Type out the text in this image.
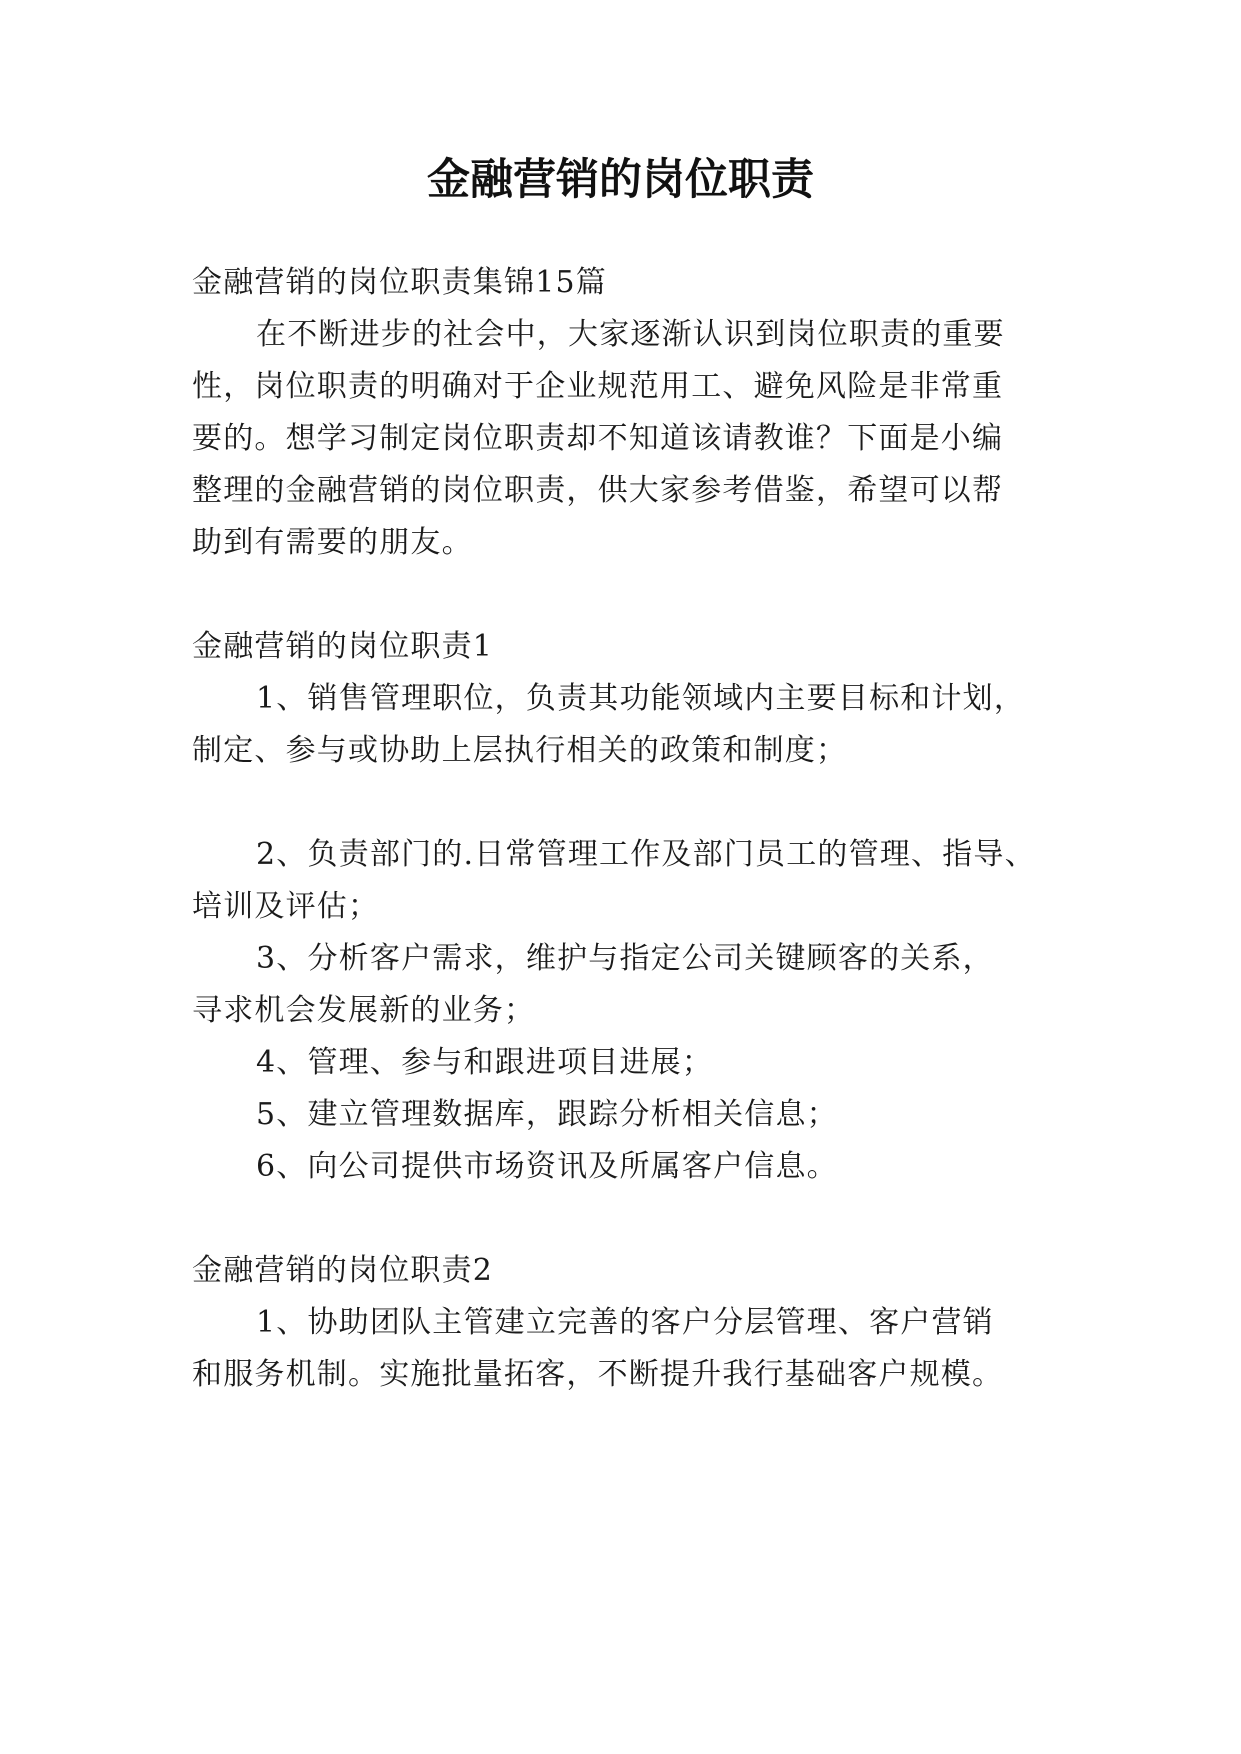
金融营销的岗位职责
金融营销的岗位职责集锦15篇
在不断进步的社会中，大家逐渐认识到岗位职责的重要
性，岗位职责的明确对于企业规范用工、避免风险是非常重
要的。想学习制定岗位职责却不知道该请教谁？下面是小编
整理的金融营销的岗位职责，供大家参考借鉴，希望可以帮
助到有需要的朋友。
金融营销的岗位职责1
1、销售管理职位，负责其功能领域内主要目标和计划，
制定、参与或协助上层执行相关的政策和制度；
2、负责部门的.日常管理工作及部门员工的管理、指导、
培训及评估；
3、分析客户需求，维护与指定公司关键顾客的关系，
寻求机会发展新的业务；
4、管理、参与和跟进项目进展；
5、建立管理数据库，跟踪分析相关信息；
6、向公司提供市场资讯及所属客户信息。
金融营销的岗位职责2
1、协助团队主管建立完善的客户分层管理、客户营销
和服务机制。实施批量拓客，不断提升我行基础客户规模。
